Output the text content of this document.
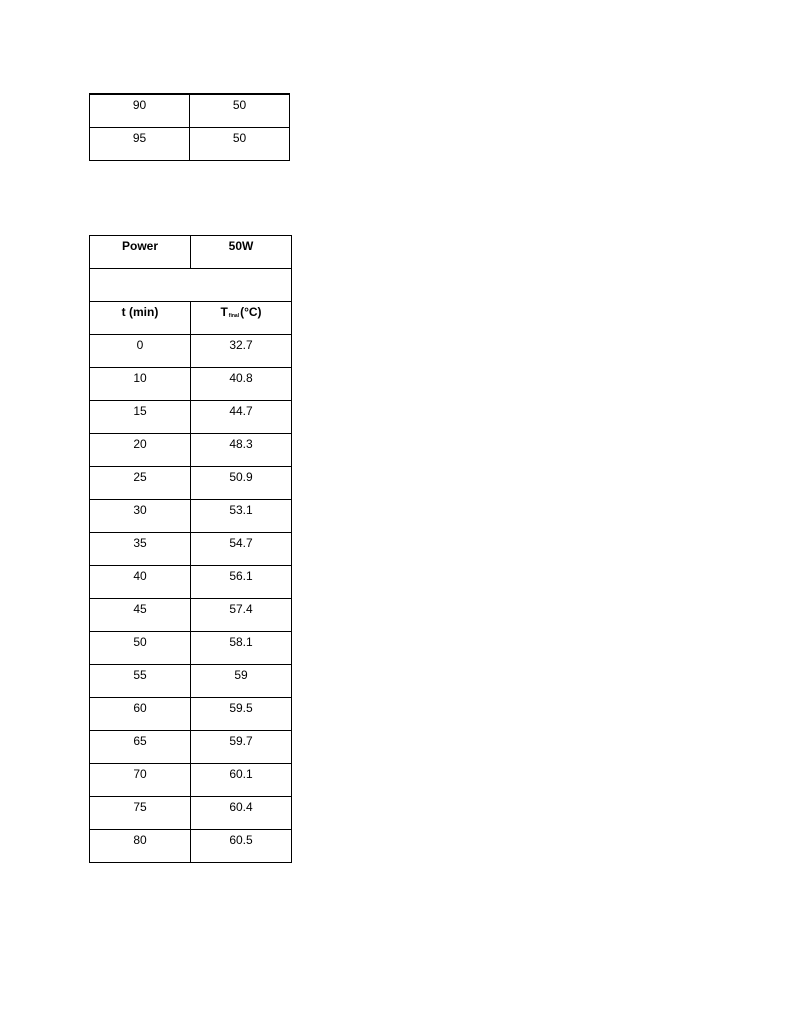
90	50
95	50
Power	50W

t (min)	$T_{final}(^\circ C)$
0	32.7
10	40.8
15	44.7
20	48.3
25	50.9
30	53.1
35	54.7
40	56.1
45	57.4
50	58.1
55	59
60	59.5
65	59.7
70	60.1
75	60.4
80	60.5
